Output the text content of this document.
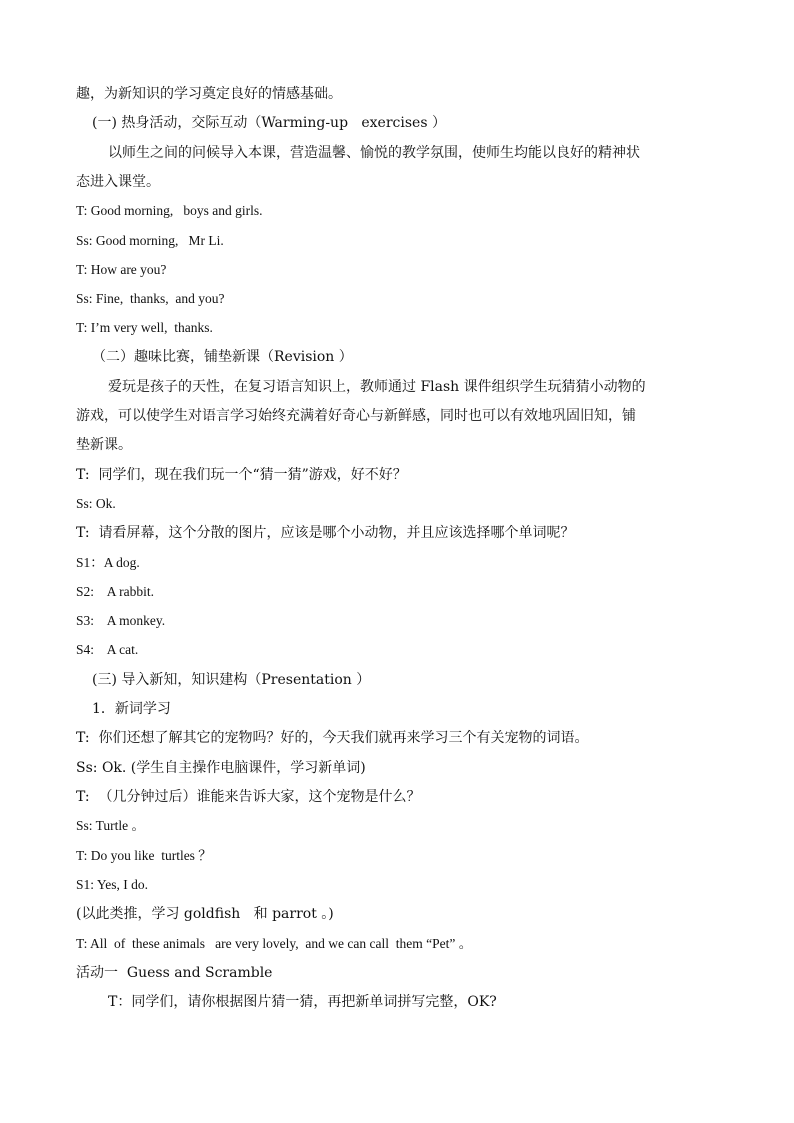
趣，为新知识的学习奠定良好的情感基础。
(一) 热身活动，交际互动（Warming-up   exercises ）
以师生之间的问候导入本课，营造温馨、愉悦的教学氛围，使师生均能以良好的精神状
态进入课堂。
T: Good morning,   boys and girls.
Ss: Good morning,   Mr Li.
T: How are you?
Ss: Fine,  thanks,  and you?
T: I’m very well,  thanks.
（二）趣味比赛，铺垫新课（Revision ）
爱玩是孩子的天性，在复习语言知识上，教师通过 Flash 课件组织学生玩猜猜小动物的
游戏，可以使学生对语言学习始终充满着好奇心与新鲜感，同时也可以有效地巩固旧知，铺
垫新课。
T:  同学们，现在我们玩一个“猜一猜”游戏，好不好？
Ss: Ok.
T:  请看屏幕，这个分散的图片，应该是哪个小动物，并且应该选择哪个单词呢？
S1：A dog.
S2:    A rabbit.
S3:    A monkey.
S4:    A cat.
(三) 导入新知，知识建构（Presentation ）
1．新词学习
T:  你们还想了解其它的宠物吗？好的，今天我们就再来学习三个有关宠物的词语。
Ss: Ok. (学生自主操作电脑课件，学习新单词)
T:  （几分钟过后）谁能来告诉大家，这个宠物是什么？
Ss: Turtle 。
T: Do you like  turtles ？
S1: Yes, I do.
(以此类推，学习 goldfish   和 parrot 。)
T: All  of  these animals   are very lovely,  and we can call  them “Pet” 。
活动一  Guess and Scramble
T：同学们，请你根据图片猜一猜，再把新单词拼写完整，OK?
